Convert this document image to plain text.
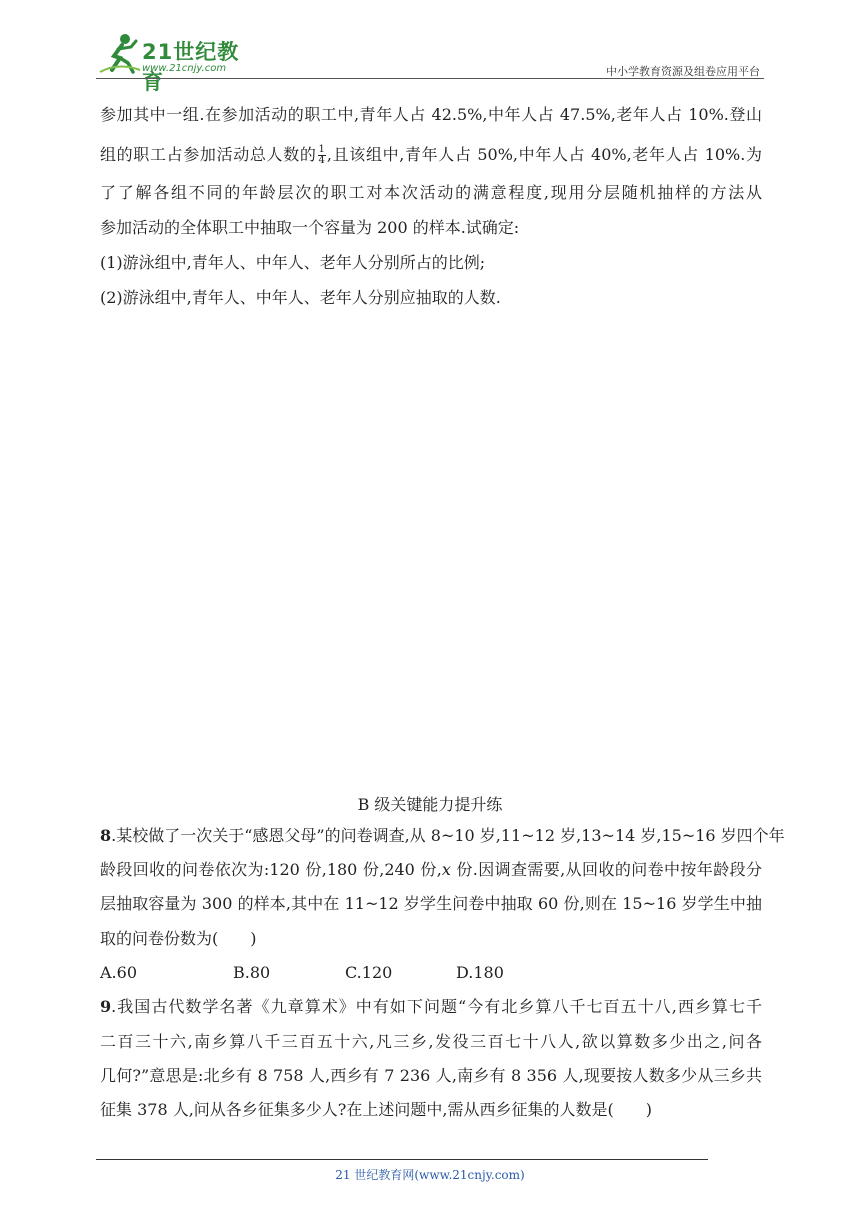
21世纪教育
www.21cnjy.com	中小学教育资源及组卷应用平台
参加其中一组.在参加活动的职工中,青年人占 42.5%,中年人占 47.5%,老年人占 10%.登山
组的职工占参加活动总人数的 $\frac{1}{4}$ ,且该组中,青年人占 50%,中年人占 40%,老年人占 10%.为
了了解各组不同的年龄层次的职工对本次活动的满意程度,现用分层随机抽样的方法从
参加活动的全体职工中抽取一个容量为 200 的样本.试确定:
(1)游泳组中,青年人、中年人、老年人分别所占的比例;
(2)游泳组中,青年人、中年人、老年人分别应抽取的人数.
B 级关键能力提升练
8.某校做了一次关于“感恩父母”的问卷调查,从 8~10 岁,11~12 岁,13~14 岁,15~16 岁四个年
龄段回收的问卷依次为:120 份,180 份,240 份,x 份.因调查需要,从回收的问卷中按年龄段分
层抽取容量为 300 的样本,其中在 11~12 岁学生问卷中抽取 60 份,则在 15~16 岁学生中抽
取的问卷份数为(　　)
A.60	B.80	C.120	D.180
9.我国古代数学名著《九章算术》中有如下问题“今有北乡算八千七百五十八,西乡算七千
二百三十六,南乡算八千三百五十六,凡三乡,发役三百七十八人,欲以算数多少出之,问各
几何?”意思是:北乡有 8 758 人,西乡有 7 236 人,南乡有 8 356 人,现要按人数多少从三乡共
征集 378 人,问从各乡征集多少人?在上述问题中,需从西乡征集的人数是(　　)
21 世纪教育网(www.21cnjy.com)
